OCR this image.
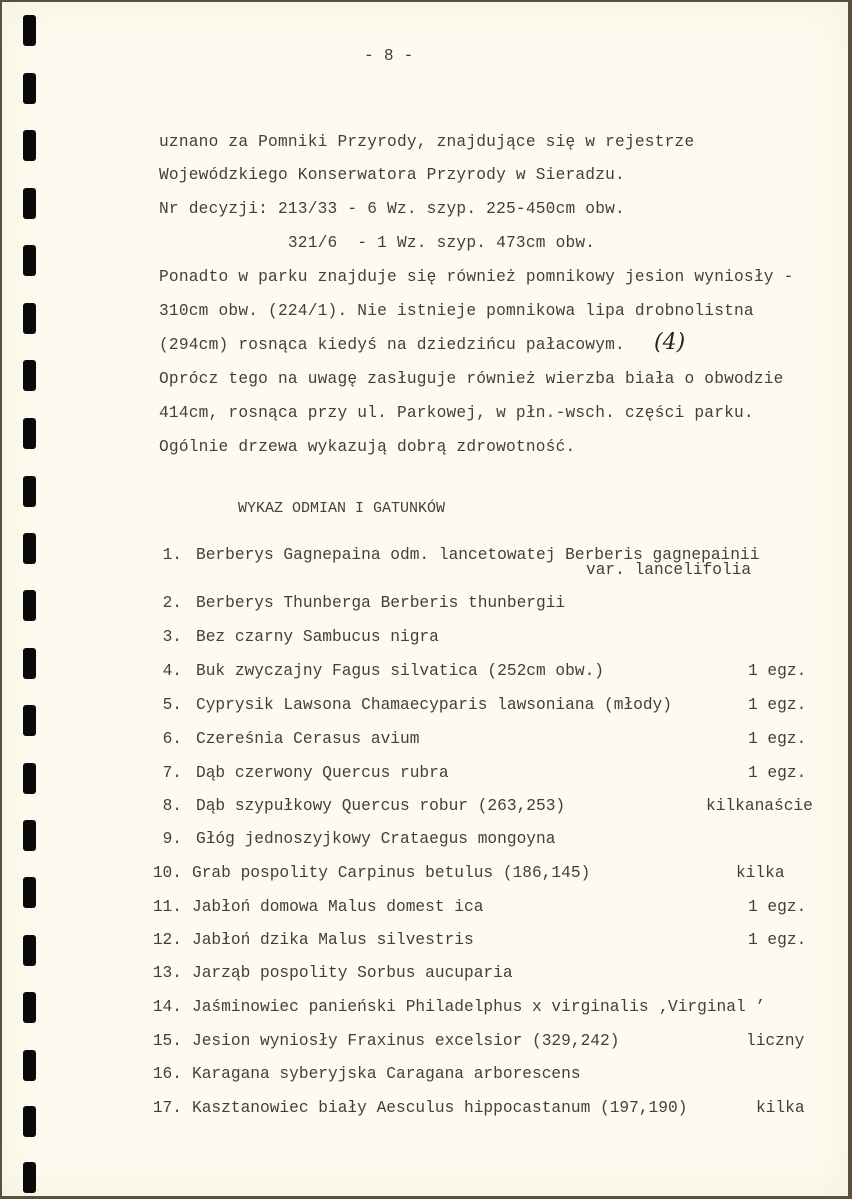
- 8 -
uznano za Pomniki Przyrody, znajdujące się w rejestrze
Wojewódzkiego Konserwatora Przyrody w Sieradzu.
Nr decyzji: 213/33 - 6 Wz. szyp. 225-450cm obw.
321/6  - 1 Wz. szyp. 473cm obw.
Ponadto w parku znajduje się również pomnikowy jesion wyniosły -
310cm obw. (224/1). Nie istnieje pomnikowa lipa drobnolistna
(294cm) rosnąca kiedyś na dziedzińcu pałacowym.
Oprócz tego na uwagę zasługuje również wierzba biała o obwodzie
414cm, rosnąca przy ul. Parkowej, w płn.-wsch. części parku.
Ogólnie drzewa wykazują dobrą zdrowotność.
(4)
WYKAZ ODMIAN I GATUNKÓW
1. Berberys Gagnepaina odm. lancetowatej Berberis gagnepainii
var. lancelifolia
2. Berberys Thunberga Berberis thunbergii
3. Bez czarny Sambucus nigra
4. Buk zwyczajny Fagus silvatica (252cm obw.)	1 egz.
5. Cyprysik Lawsona Chamaecyparis lawsoniana (młody)	1 egz.
6. Czereśnia Cerasus avium	1 egz.
7. Dąb czerwony Quercus rubra	1 egz.
8. Dąb szypułkowy Quercus robur (263,253)	kilkanaście
9. Głóg jednoszyjkowy Crataegus mongoyna
10. Grab pospolity Carpinus betulus (186,145)	kilka
11. Jabłoń domowa Malus domest ica	1 egz.
12. Jabłoń dzika Malus silvestris	1 egz.
13. Jarząb pospolity Sorbus aucuparia
14. Jaśminowiec panieński Philadelphus x virginalis ‚Virginal ’
15. Jesion wyniosły Fraxinus excelsior (329,242)	liczny
16. Karagana syberyjska Caragana arborescens
17. Kasztanowiec biały Aesculus hippocastanum (197,190)	kilka
